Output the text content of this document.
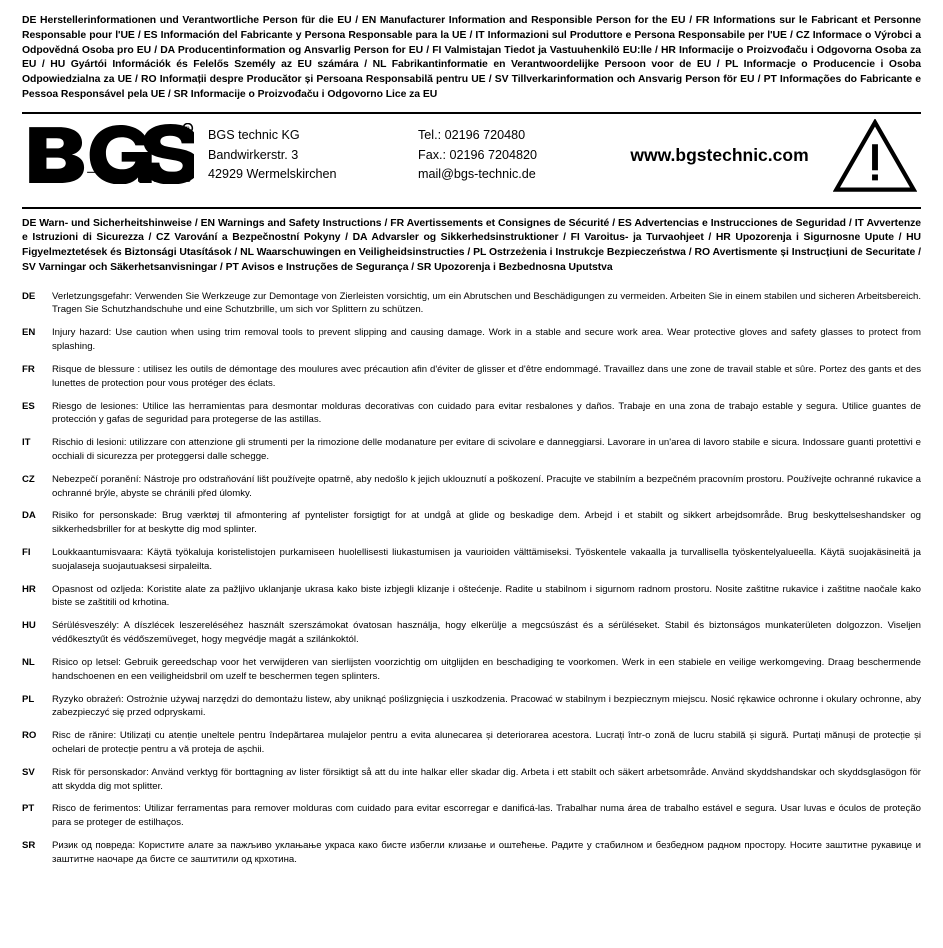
DE Herstellerinformationen und Verantwortliche Person für die EU / EN Manufacturer Information and Responsible Person for the EU / FR Informations sur le Fabricant et Personne Responsable pour l'UE / ES Información del Fabricante y Persona Responsable para la UE / IT Informazioni sul Produttore e Persona Responsabile per l'UE / CZ Informace o Výrobci a Odpovědná Osoba pro EU / DA Producentinformation og Ansvarlig Person for EU / FI Valmistajan Tiedot ja Vastuuhenkilö EU:lle / HR Informacije o Proizvođaču i Odgovorna Osoba za EU / HU Gyártói Információk és Felelős Személy az EU számára / NL Fabrikantinformatie en Verantwoordelijke Persoon voor de EU / PL Informacje o Producencie i Osoba Odpowiedzialna za UE / RO Informații despre Producător și Persoana Responsabilă pentru UE / SV Tillverkarinformation och Ansvarig Person för EU / PT Informações do Fabricante e Pessoa Responsável pela UE / SR Informacije o Proizvođaču i Odgovorno Lice za EU
R
technic
BGS technic KG
Bandwirkerstr. 3
42929 Wermelskirchen
Tel.: 02196 720480
Fax.: 02196 7204820
mail@bgs-technic.de
www.bgstechnic.com
DE Warn- und Sicherheitshinweise / EN Warnings and Safety Instructions / FR Avertissements et Consignes de Sécurité / ES Advertencias e Instrucciones de Seguridad / IT Avvertenze e Istruzioni di Sicurezza / CZ Varování a Bezpečnostní Pokyny / DA Advarsler og Sikkerhedsinstruktioner / FI Varoitus- ja Turvaohjeet / HR Upozorenja i Sigurnosne Upute / HU Figyelmeztetések és Biztonsági Utasítások / NL Waarschuwingen en Veiligheidsinstructies / PL Ostrzeżenia i Instrukcje Bezpieczeństwa / RO Avertismente și Instrucțiuni de Securitate / SV Varningar och Säkerhetsanvisningar / PT Avisos e Instruções de Segurança / SR Upozorenja i Bezbednosna Uputstva
DE	Verletzungsgefahr: Verwenden Sie Werkzeuge zur Demontage von Zierleisten vorsichtig, um ein Abrutschen und Beschädigungen zu vermeiden. Arbeiten Sie in einem stabilen und sicheren Arbeitsbereich. Tragen Sie Schutzhandschuhe und eine Schutzbrille, um sich vor Splittern zu schützen.
EN	Injury hazard: Use caution when using trim removal tools to prevent slipping and causing damage. Work in a stable and secure work area. Wear protective gloves and safety glasses to protect from splashing.
FR	Risque de blessure : utilisez les outils de démontage des moulures avec précaution afin d'éviter de glisser et d'être endommagé. Travaillez dans une zone de travail stable et sûre. Portez des gants et des lunettes de protection pour vous protéger des éclats.
ES	Riesgo de lesiones: Utilice las herramientas para desmontar molduras decorativas con cuidado para evitar resbalones y daños. Trabaje en una zona de trabajo estable y segura. Utilice guantes de protección y gafas de seguridad para protegerse de las astillas.
IT	Rischio di lesioni: utilizzare con attenzione gli strumenti per la rimozione delle modanature per evitare di scivolare e danneggiarsi. Lavorare in un'area di lavoro stabile e sicura. Indossare guanti protettivi e occhiali di sicurezza per proteggersi dalle schegge.
CZ	Nebezpečí poranění: Nástroje pro odstraňování lišt používejte opatrně, aby nedošlo k jejich uklouznutí a poškození. Pracujte ve stabilním a bezpečném pracovním prostoru. Používejte ochranné rukavice a ochranné brýle, abyste se chránili před úlomky.
DA	Risiko for personskade: Brug værktøj til afmontering af pyntelister forsigtigt for at undgå at glide og beskadige dem. Arbejd i et stabilt og sikkert arbejdsområde. Brug beskyttelseshandsker og sikkerhedsbriller for at beskytte dig mod splinter.
FI	Loukkaantumisvaara: Käytä työkaluja koristelistojen purkamiseen huolellisesti liukastumisen ja vaurioiden välttämiseksi. Työskentele vakaalla ja turvallisella työskentelyalueella. Käytä suojakäsineitä ja suojalaseja suojautuaksesi sirpaleilta.
HR	Opasnost od ozljeda: Koristite alate za pažljivo uklanjanje ukrasa kako biste izbjegli klizanje i oštećenje. Radite u stabilnom i sigurnom radnom prostoru. Nosite zaštitne rukavice i zaštitne naočale kako biste se zaštitili od krhotina.
HU	Sérülésveszély: A díszlécek leszereléséhez használt szerszámokat óvatosan használja, hogy elkerülje a megcsúszást és a sérüléseket. Stabil és biztonságos munkaterületen dolgozzon. Viseljen védőkesztyűt és védőszemüveget, hogy megvédje magát a szilánkoktól.
NL	Risico op letsel: Gebruik gereedschap voor het verwijderen van sierlijsten voorzichtig om uitglijden en beschadiging te voorkomen. Werk in een stabiele en veilige werkomgeving. Draag beschermende handschoenen en een veiligheidsbril om uzelf te beschermen tegen splinters.
PL	Ryzyko obrażeń: Ostrożnie używaj narzędzi do demontażu listew, aby uniknąć poślizgnięcia i uszkodzenia. Pracować w stabilnym i bezpiecznym miejscu. Nosić rękawice ochronne i okulary ochronne, aby zabezpieczyć się przed odpryskami.
RO	Risc de rănire: Utilizați cu atenție uneltele pentru îndepărtarea mulajelor pentru a evita alunecarea și deteriorarea acestora. Lucrați într-o zonă de lucru stabilă și sigură. Purtați mănuși de protecție și ochelari de protecție pentru a vă proteja de așchii.
SV	Risk för personskador: Använd verktyg för borttagning av lister försiktigt så att du inte halkar eller skadar dig. Arbeta i ett stabilt och säkert arbetsområde. Använd skyddshandskar och skyddsglasögon för att skydda dig mot splitter.
PT	Risco de ferimentos: Utilizar ferramentas para remover molduras com cuidado para evitar escorregar e danificá-las. Trabalhar numa área de trabalho estável e segura. Usar luvas e óculos de proteção para se proteger de estilhaços.
SR	Ризик од повреда: Користите алате за пажљиво уклањање украса како бисте избегли клизање и оштећење. Радите у стабилном и безбедном радном простору. Носите заштитне рукавице и заштитне наочаре да бисте се заштитили од крхотина.
